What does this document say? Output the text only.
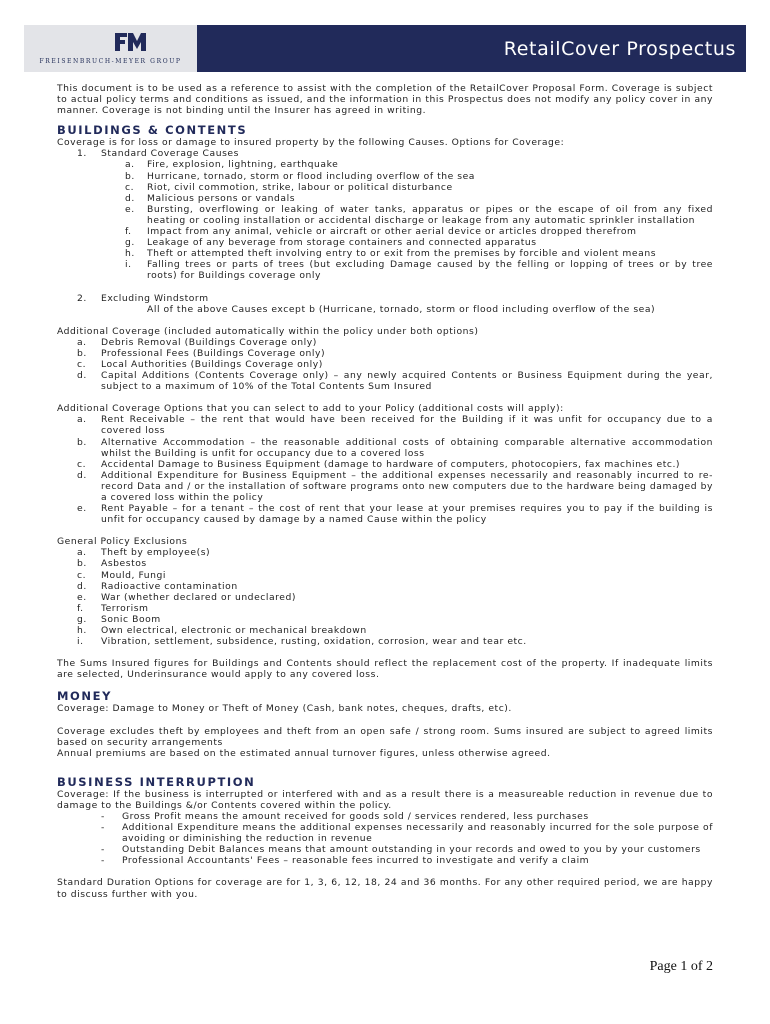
FREISENBRUCH-MEYER GROUP
RetailCover Prospectus

This document is to be used as a reference to assist with the completion of the RetailCover Proposal Form. Coverage is subject to actual policy terms and conditions as issued, and the information in this Prospectus does not modify any policy cover in any manner. Coverage is not binding until the Insurer has agreed in writing.

BUILDINGS & CONTENTS

Coverage is for loss or damage to insured property by the following Causes. Options for Coverage:

1.	Standard Coverage Causes
a.	Fire, explosion, lightning, earthquake
b.	Hurricane, tornado, storm or flood including overflow of the sea
c.	Riot, civil commotion, strike, labour or political disturbance
d.	Malicious persons or vandals
e.	Bursting, overflowing or leaking of water tanks, apparatus or pipes or the escape of oil from any fixed heating or cooling installation or accidental discharge or leakage from any automatic sprinkler installation
f.	Impact from any animal, vehicle or aircraft or other aerial device or articles dropped therefrom
g.	Leakage of any beverage from storage containers and connected apparatus
h.	Theft or attempted theft involving entry to or exit from the premises by forcible and violent means
i.	Falling trees or parts of trees (but excluding Damage caused by the felling or lopping of trees or by tree roots) for Buildings coverage only
2.	Excluding Windstorm

All of the above Causes except b (Hurricane, tornado, storm or flood including overflow of the sea)

Additional Coverage (included automatically within the policy under both options)

a.	Debris Removal (Buildings Coverage only)
b.	Professional Fees (Buildings Coverage only)
c.	Local Authorities (Buildings Coverage only)
d.	Capital Additions (Contents Coverage only) – any newly acquired Contents or Business Equipment during the year, subject to a maximum of 10% of the Total Contents Sum Insured

Additional Coverage Options that you can select to add to your Policy (additional costs will apply):

a.	Rent Receivable – the rent that would have been received for the Building if it was unfit for occupancy due to a covered loss
b.	Alternative Accommodation – the reasonable additional costs of obtaining comparable alternative accommodation whilst the Building is unfit for occupancy due to a covered loss
c.	Accidental Damage to Business Equipment (damage to hardware of computers, photocopiers, fax machines etc.)
d.	Additional Expenditure for Business Equipment – the additional expenses necessarily and reasonably incurred to re-record Data and / or the installation of software programs onto new computers due to the hardware being damaged by a covered loss within the policy
e.	Rent Payable – for a tenant – the cost of rent that your lease at your premises requires you to pay if the building is unfit for occupancy caused by damage by a named Cause within the policy

General Policy Exclusions

a.	Theft by employee(s)
b.	Asbestos
c.	Mould, Fungi
d.	Radioactive contamination
e.	War (whether declared or undeclared)
f.	Terrorism
g.	Sonic Boom
h.	Own electrical, electronic or mechanical breakdown
i.	Vibration, settlement, subsidence, rusting, oxidation, corrosion, wear and tear etc.

The Sums Insured figures for Buildings and Contents should reflect the replacement cost of the property. If inadequate limits are selected, Underinsurance would apply to any covered loss.

MONEY

Coverage: Damage to Money or Theft of Money (Cash, bank notes, cheques, drafts, etc).

Coverage excludes theft by employees and theft from an open safe / strong room. Sums insured are subject to agreed limits based on security arrangements

Annual premiums are based on the estimated annual turnover figures, unless otherwise agreed.

BUSINESS INTERRUPTION

Coverage: If the business is interrupted or interfered with and as a result there is a measureable reduction in revenue due to damage to the Buildings &/or Contents covered within the policy.

-	Gross Profit means the amount received for goods sold / services rendered, less purchases
-	Additional Expenditure means the additional expenses necessarily and reasonably incurred for the sole purpose of avoiding or diminishing the reduction in revenue
-	Outstanding Debit Balances means that amount outstanding in your records and owed to you by your customers
-	Professional Accountants' Fees – reasonable fees incurred to investigate and verify a claim

Standard Duration Options for coverage are for 1, 3, 6, 12, 18, 24 and 36 months. For any other required period, we are happy to discuss further with you.

Page 1 of 2
